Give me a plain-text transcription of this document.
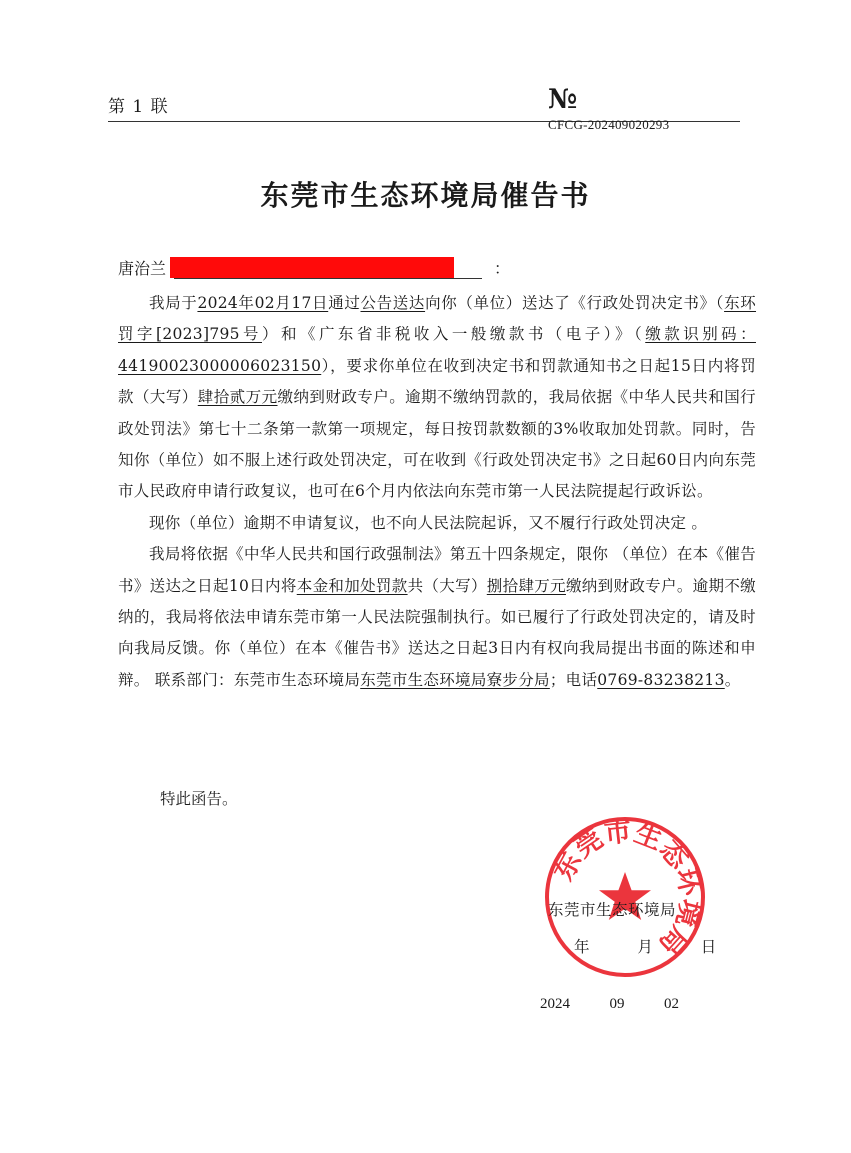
第 1 联	№
CFCG-202409020293
东莞市生态环境局催告书
唐治兰	：

我局于2024年02月17日通过公告送达向你（单位）送达了《行政处罚决定书》（东环罚字[2023]795号）和《广东省非税收入一般缴款书（电子）》（缴款识别码：44190023000006023150），要求你单位在收到决定书和罚款通知书之日起15日内将罚款（大写）肆拾贰万元缴纳到财政专户。逾期不缴纳罚款的，我局依据《中华人民共和国行政处罚法》第七十二条第一款第一项规定，每日按罚款数额的3%收取加处罚款。同时，告知你（单位）如不服上述行政处罚决定，可在收到《行政处罚决定书》之日起60日内向东莞市人民政府申请行政复议，也可在6个月内依法向东莞市第一人民法院提起行政诉讼。

现你（单位）逾期不申请复议，也不向人民法院起诉，又不履行行政处罚决定 。

我局将依据《中华人民共和国行政强制法》第五十四条规定，限你 （单位）在本《催告书》送达之日起10日内将本金和加处罚款共（大写）捌拾肆万元缴纳到财政专户。逾期不缴纳的，我局将依法申请东莞市第一人民法院强制执行。如已履行了行政处罚决定的，请及时向我局反馈。你（单位）在本《催告书》送达之日起3日内有权向我局提出书面的陈述和申辩。 联系部门：东莞市生态环境局东莞市生态环境局寮步分局；电话0769-83238213。

特此函告。
东莞市生态环境局
东莞市生态环境局
年	月	日
2024	09	02
